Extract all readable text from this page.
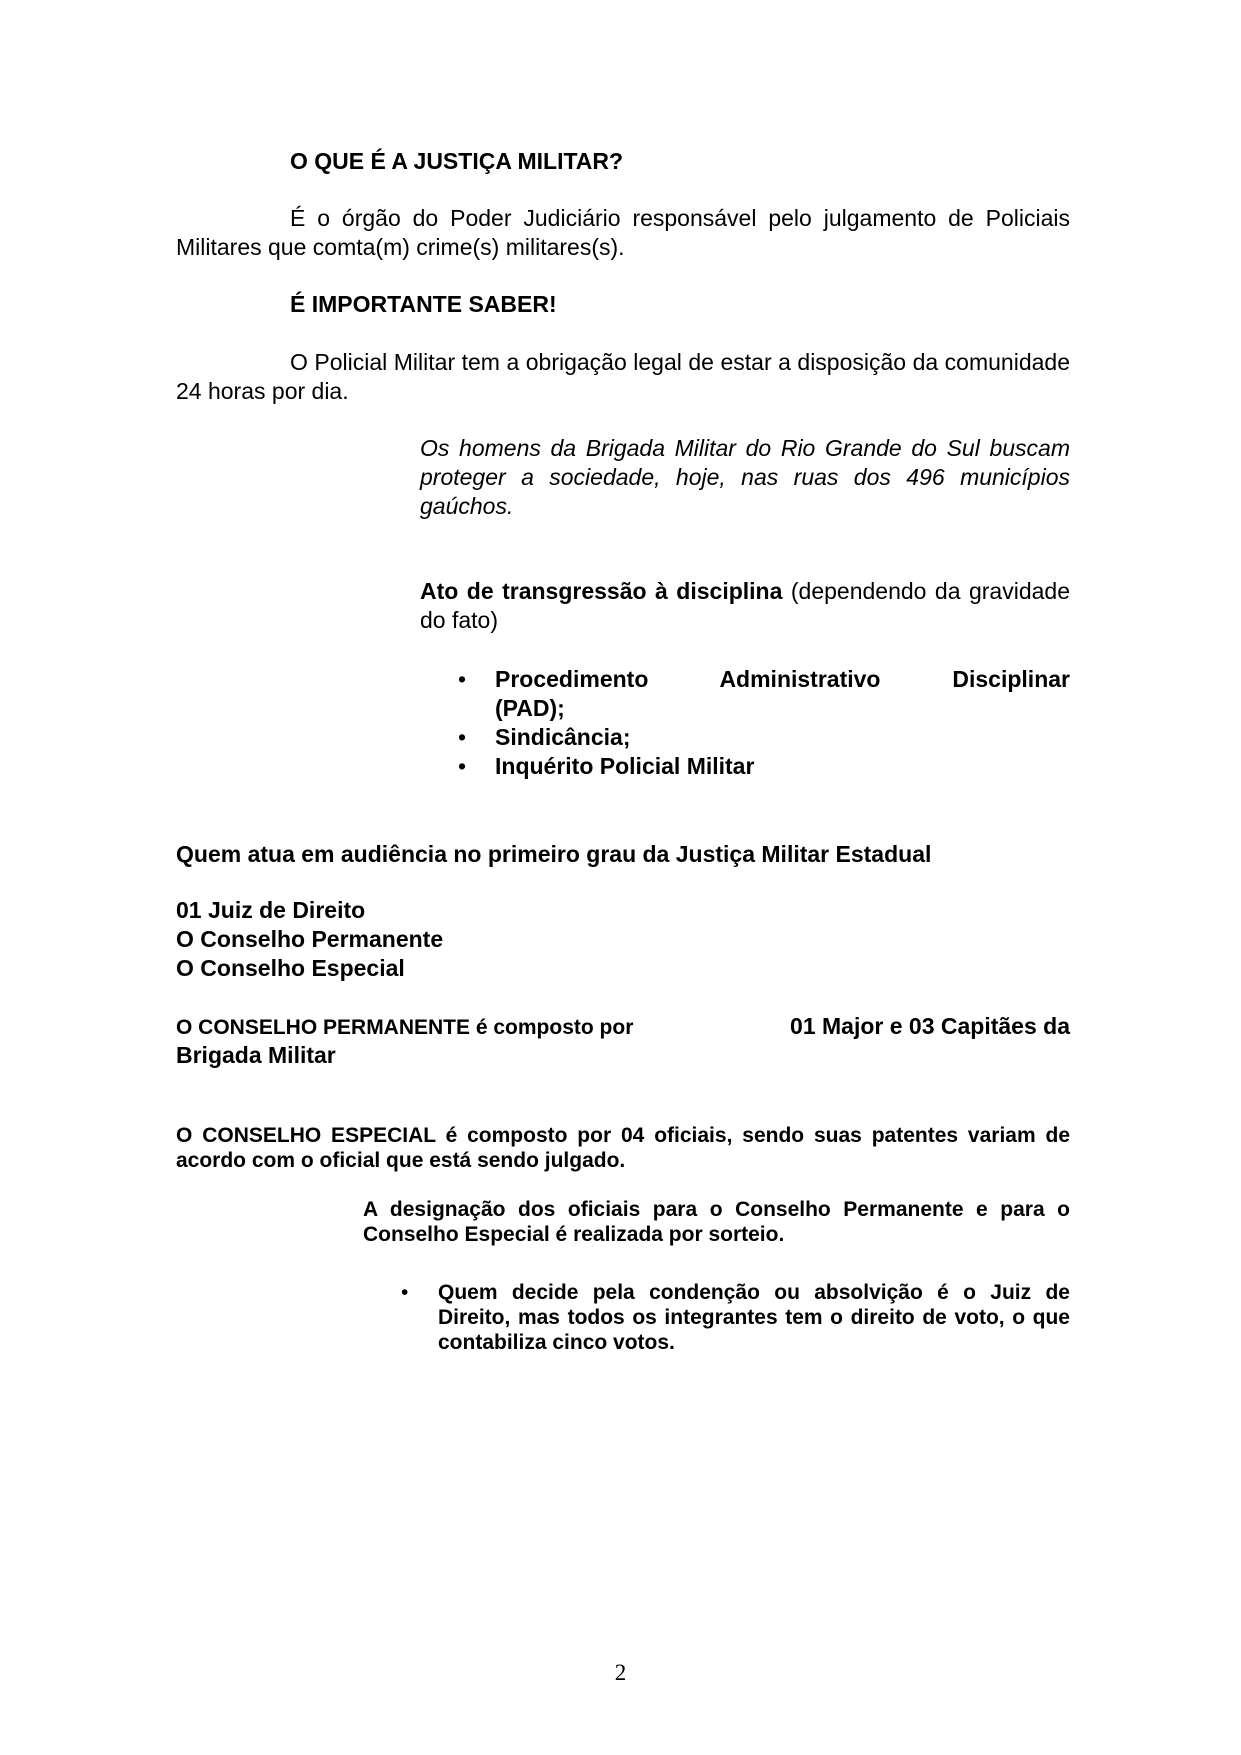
O QUE É A JUSTIÇA MILITAR?

É o órgão do Poder Judiciário responsável pelo julgamento de Policiais Militares que comta(m) crime(s) militares(s).

É IMPORTANTE SABER!

O Policial Militar tem a obrigação legal de estar a disposição da comunidade 24 horas por dia.

Os homens da Brigada Militar do Rio Grande do Sul buscam proteger a sociedade, hoje, nas ruas dos 496 municípios gaúchos.

Ato de transgressão à disciplina (dependendo da gravidade do fato)

• Procedimento Administrativo Disciplinar
(PAD);
• Sindicância;
• Inquérito Policial Militar

Quem atua em audiência no primeiro grau da Justiça Militar Estadual

01 Juiz de Direito
O Conselho Permanente
O Conselho Especial
O CONSELHO PERMANENTE é composto por	01 Major e 03 Capitães da
Brigada Militar

O CONSELHO ESPECIAL é composto por 04 oficiais, sendo suas patentes variam de acordo com o oficial que está sendo julgado.

A designação dos oficiais para o Conselho Permanente e para o Conselho Especial é realizada por sorteio.

• Quem decide pela condenção ou absolvição é o Juiz de Direito, mas todos os integrantes tem o direito de voto, o que contabiliza cinco votos.
2
